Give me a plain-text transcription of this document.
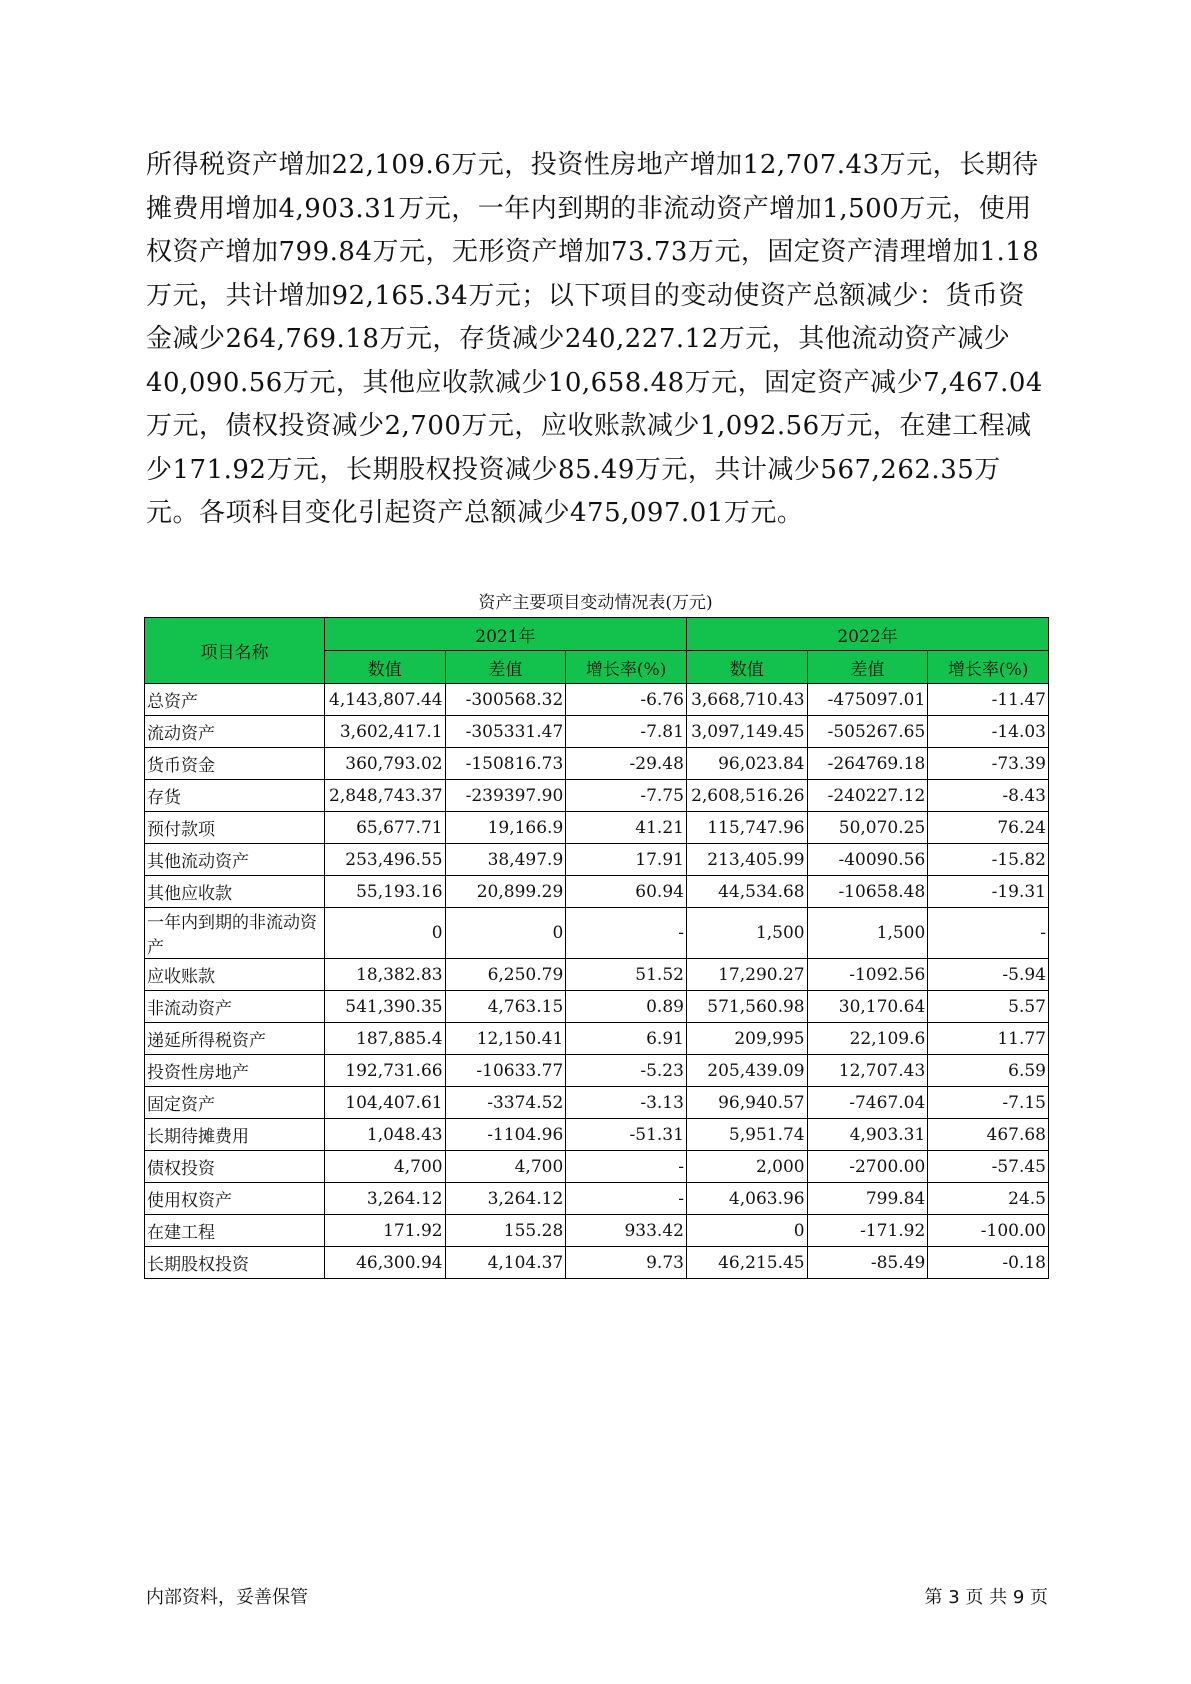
所得税资产增加22,109.6万元，投资性房地产增加12,707.43万元，长期待摊费用增加4,903.31万元，一年内到期的非流动资产增加1,500万元，使用权资产增加799.84万元，无形资产增加73.73万元，固定资产清理增加1.18万元，共计增加92,165.34万元；以下项目的变动使资产总额减少：货币资金减少264,769.18万元，存货减少240,227.12万元，其他流动资产减少40,090.56万元，其他应收款减少10,658.48万元，固定资产减少7,467.04万元，债权投资减少2,700万元，应收账款减少1,092.56万元，在建工程减少171.92万元，长期股权投资减少85.49万元，共计减少567,262.35万元。各项科目变化引起资产总额减少475,097.01万元。

资产主要项目变动情况表(万元)
项目名称	2021年			2022年		
	数值	差值	增长率(%)	数值	差值	增长率(%)
总资产	4,143,807.44	-300568.32	-6.76	3,668,710.43	-475097.01	-11.47
流动资产	3,602,417.1	-305331.47	-7.81	3,097,149.45	-505267.65	-14.03
货币资金	360,793.02	-150816.73	-29.48	96,023.84	-264769.18	-73.39
存货	2,848,743.37	-239397.90	-7.75	2,608,516.26	-240227.12	-8.43
预付款项	65,677.71	19,166.9	41.21	115,747.96	50,070.25	76.24
其他流动资产	253,496.55	38,497.9	17.91	213,405.99	-40090.56	-15.82
其他应收款	55,193.16	20,899.29	60.94	44,534.68	-10658.48	-19.31
一年内到期的非流动资产	0	0	-	1,500	1,500	-
应收账款	18,382.83	6,250.79	51.52	17,290.27	-1092.56	-5.94
非流动资产	541,390.35	4,763.15	0.89	571,560.98	30,170.64	5.57
递延所得税资产	187,885.4	12,150.41	6.91	209,995	22,109.6	11.77
投资性房地产	192,731.66	-10633.77	-5.23	205,439.09	12,707.43	6.59
固定资产	104,407.61	-3374.52	-3.13	96,940.57	-7467.04	-7.15
长期待摊费用	1,048.43	-1104.96	-51.31	5,951.74	4,903.31	467.68
债权投资	4,700	4,700	-	2,000	-2700.00	-57.45
使用权资产	3,264.12	3,264.12	-	4,063.96	799.84	24.5
在建工程	171.92	155.28	933.42	0	-171.92	-100.00
长期股权投资	46,300.94	4,104.37	9.73	46,215.45	-85.49	-0.18
内部资料，妥善保管	第 3 页 共 9 页
